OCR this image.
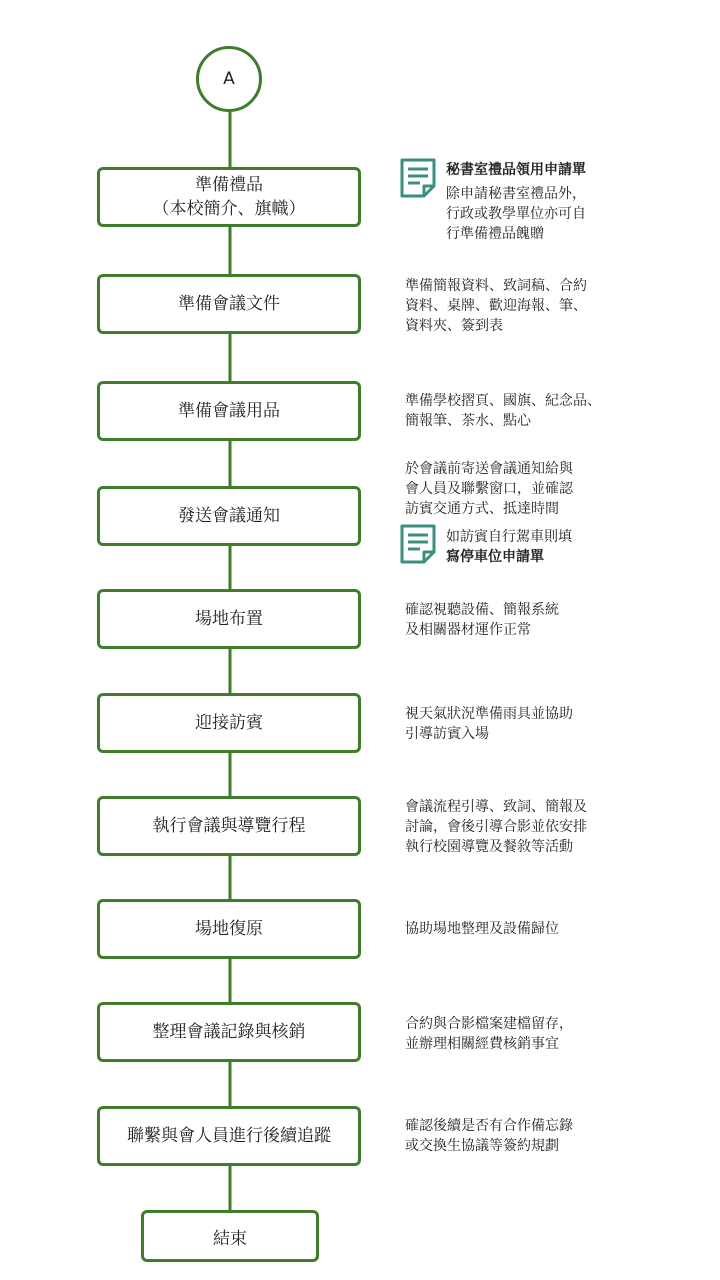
A
準備禮品
（本校簡介、旗幟）
準備會議文件
準備會議用品
發送會議通知
場地布置
迎接訪賓
執行會議與導覽行程
場地復原
整理會議記錄與核銷
聯繫與會人員進行後續追蹤
結束
秘書室禮品領用申請單
除申請秘書室禮品外，
行政或教學單位亦可自
行準備禮品餽贈
準備簡報資料、致詞稿、合約
資料、桌牌、歡迎海報、筆、
資料夾、簽到表
準備學校摺頁、國旗、紀念品、
簡報筆、茶水、點心
於會議前寄送會議通知給與
會人員及聯繫窗口，並確認
訪賓交通方式、抵達時間
如訪賓自行駕車則填
寫停車位申請單
確認視聽設備、簡報系統
及相關器材運作正常
視天氣狀況準備雨具並協助
引導訪賓入場
會議流程引導、致詞、簡報及
討論，會後引導合影並依安排
執行校園導覽及餐敘等活動
協助場地整理及設備歸位
合約與合影檔案建檔留存，
並辦理相關經費核銷事宜
確認後續是否有合作備忘錄
或交換生協議等簽約規劃
